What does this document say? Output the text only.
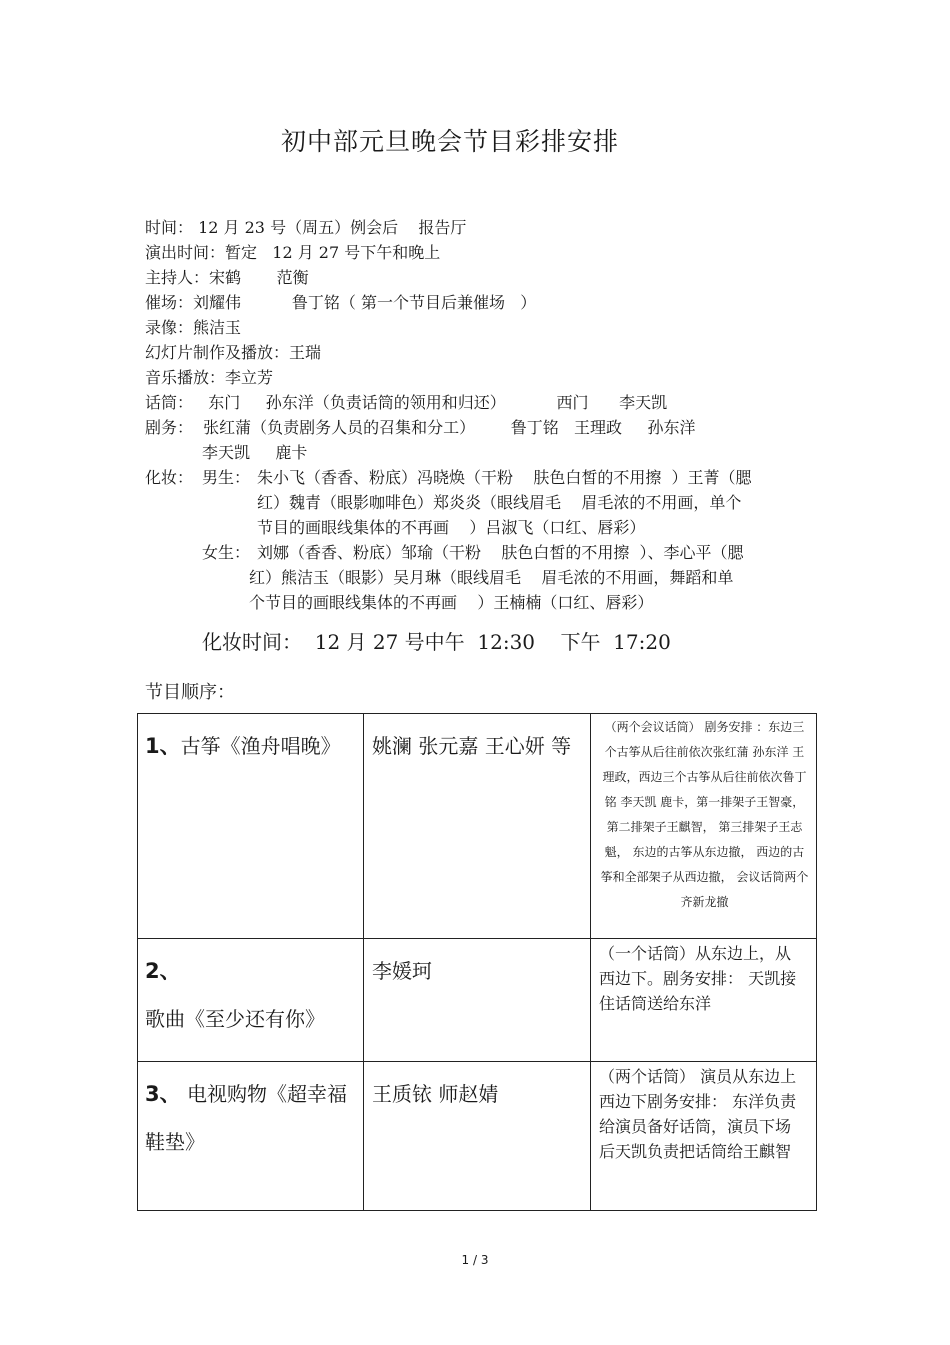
初中部元旦晚会节目彩排安排
时间： 12 月 23 号（周五）例会后    报告厅
演出时间：暂定   12 月 27 号下午和晚上
主持人：宋鹤       范衡
催场：刘耀伟          鲁丁铭（ 第一个节目后兼催场   ）
录像：熊洁玉
幻灯片制作及播放：王瑞
音乐播放：李立芳
话筒：   东门     孙东洋（负责话筒的领用和归还）          西门      李天凯
剧务：  张红蒲（负责剧务人员的召集和分工）       鲁丁铭   王理政     孙东洋
李天凯     鹿卡
化妆： 男生： 朱小飞（香香、粉底）冯晓焕（干粉    肤色白皙的不用擦  ）王菁（腮
红）魏青（眼影咖啡色）郑炎炎（眼线眉毛    眉毛浓的不用画，单个
节目的画眼线集体的不再画    ）吕淑飞（口红、唇彩）
女生： 刘娜（香香、粉底）邹瑜（干粉    肤色白皙的不用擦  ）、李心平（腮
红）熊洁玉（眼影）吴月琳（眼线眉毛    眉毛浓的不用画，舞蹈和单
个节目的画眼线集体的不再画    ）王楠楠（口红、唇彩）
化妆时间：  12 月 27 号中午  12:30    下午  17:20
节目顺序：
1、古筝《渔舟唱晚》	姚澜 张元嘉 王心妍 等	（两个会议话筒） 剧务安排 ：东边三个古筝从后往前依次张红蒲 孙东洋 王理政，西边三个古筝从后往前依次鲁丁铭 李天凯 鹿卡，第一排架子王智豪， 第二排架子王麒智， 第三排架子王志魁， 东边的古筝从东边撤， 西边的古筝和全部架子从西边撤， 会议话筒两个齐新龙撤

2、 歌曲《至少还有你》	李媛珂	（一个话筒）从东边上，从西边下。剧务安排： 天凯接住话筒送给东洋

3、 电视购物《超幸福鞋垫》	王质铱 师赵婧	（两个话筒） 演员从东边上西边下剧务安排： 东洋负责给演员备好话筒，演员下场后天凯负责把话筒给王麒智
1 / 3
